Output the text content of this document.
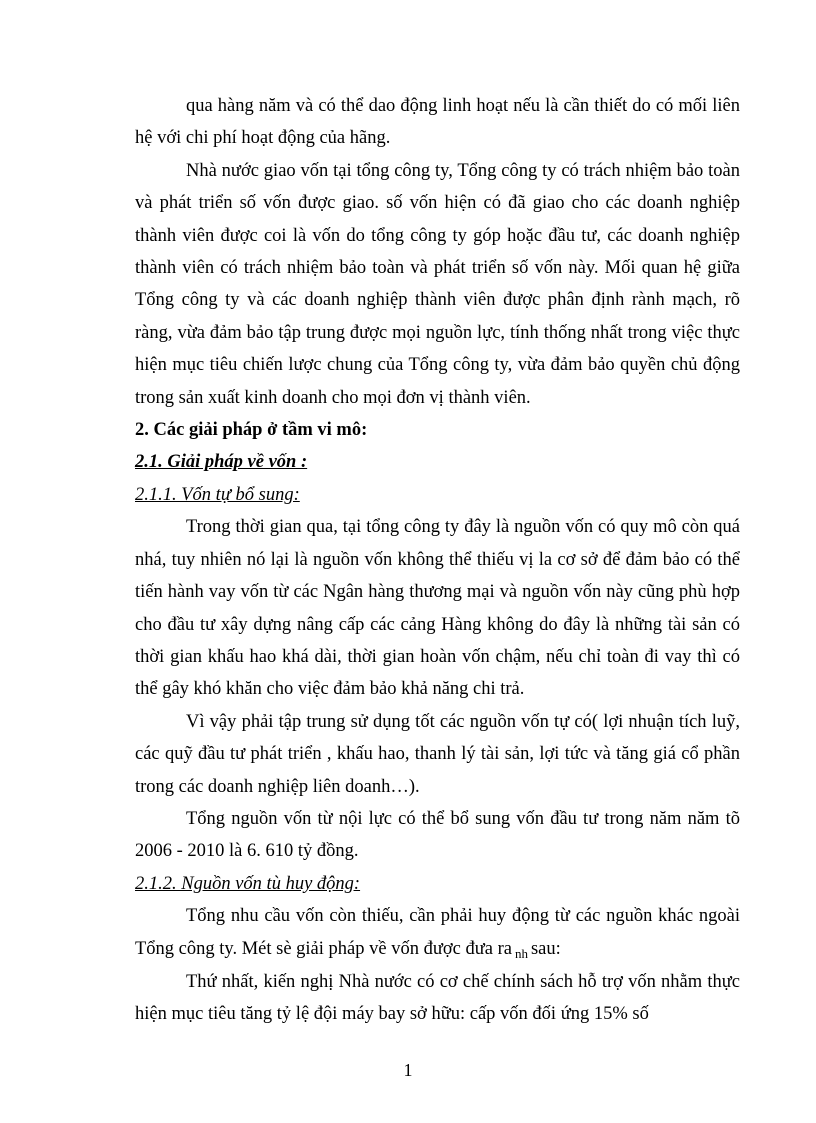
qua hàng năm và có thể dao động linh hoạt nếu là cần thiết do có mối liên hệ với chi phí hoạt động của hãng.

Nhà nước giao vốn tại tổng công ty, Tổng công ty có trách nhiệm bảo toàn và phát triển số vốn được giao. số vốn hiện có đã giao cho các doanh nghiệp thành viên được coi là vốn do tổng công ty góp hoặc đầu tư, các doanh nghiệp thành viên có trách nhiệm bảo toàn và phát triển số vốn này. Mối quan hệ giữa Tổng công ty và các doanh nghiệp thành viên được phân định rành mạch, rõ ràng, vừa đảm bảo tập trung được mọi nguồn lực, tính thống nhất trong việc thực hiện mục tiêu chiến lược chung của Tổng công ty, vừa đảm bảo quyền chủ động trong sản xuất kinh doanh cho mọi đơn vị thành viên.

2. Các giải pháp ở tầm vi mô:

2.1. Giải pháp về vốn :

2.1.1. Vốn tự bổ sung:

Trong thời gian qua, tại tổng công ty đây là nguồn vốn có quy mô còn quá nhá, tuy nhiên nó lại là nguồn vốn không thể thiếu vị la cơ sở để đảm bảo có thể tiến hành vay vốn từ các Ngân hàng thương mại và nguồn vốn này cũng phù hợp cho đầu tư xây dựng nâng cấp các cảng Hàng không do đây là những tài sản có thời gian khấu hao khá dài, thời gian hoàn vốn chậm, nếu chỉ toàn đi vay thì có thể gây khó khăn cho việc đảm bảo khả năng chi trả.

Vì vậy phải tập trung sử dụng tốt các nguồn vốn tự có( lợi nhuận tích luỹ, các quỹ đầu tư phát triển , khấu hao, thanh lý tài sản, lợi tức và tăng giá cổ phần trong các doanh nghiệp liên doanh…).

Tổng nguồn vốn từ nội lực có thể bổ sung vốn đầu tư trong năm năm tõ 2006 - 2010 là 6. 610 tỷ đồng.

2.1.2. Nguồn vốn tù huy động:

Tổng nhu cầu vốn còn thiếu, cần phải huy động từ các nguồn khác ngoài Tổng công ty. Mét sè giải pháp về vốn được đưa ra $_{nh}$ sau:

Thứ nhất, kiến nghị Nhà nước có cơ chế chính sách hỗ trợ vốn nhằm thực hiện mục tiêu tăng tỷ lệ đội máy bay sở hữu: cấp vốn đối ứng 15% số

1
